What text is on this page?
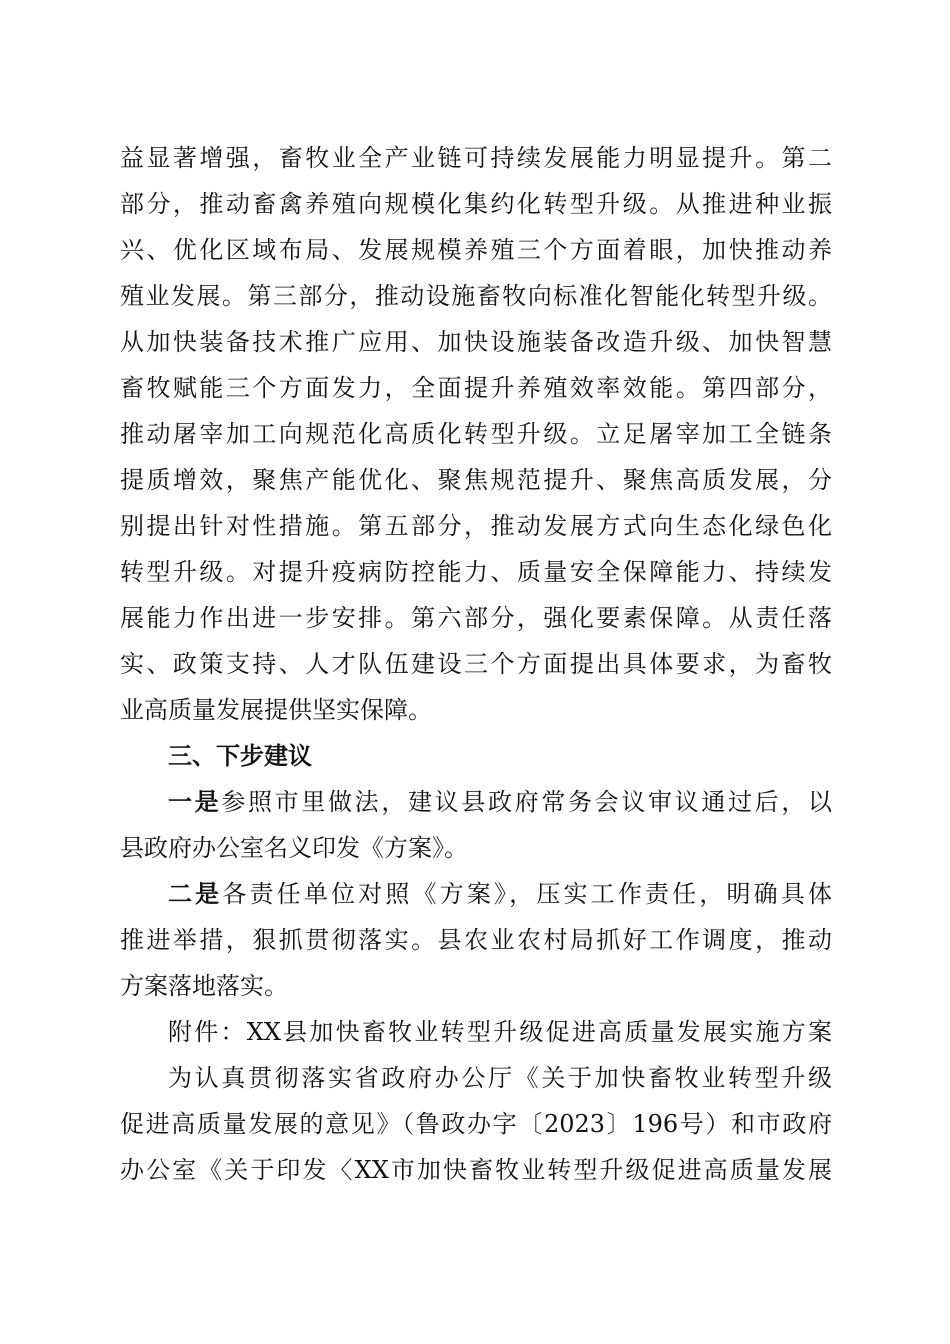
益显著增强，畜牧业全产业链可持续发展能力明显提升。第二
部分，推动畜禽养殖向规模化集约化转型升级。从推进种业振
兴、优化区域布局、发展规模养殖三个方面着眼，加快推动养
殖业发展。第三部分，推动设施畜牧向标准化智能化转型升级。
从加快装备技术推广应用、加快设施装备改造升级、加快智慧
畜牧赋能三个方面发力，全面提升养殖效率效能。第四部分，
推动屠宰加工向规范化高质化转型升级。立足屠宰加工全链条
提质增效，聚焦产能优化、聚焦规范提升、聚焦高质发展，分
别提出针对性措施。第五部分，推动发展方式向生态化绿色化
转型升级。对提升疫病防控能力、质量安全保障能力、持续发
展能力作出进一步安排。第六部分，强化要素保障。从责任落
实、政策支持、人才队伍建设三个方面提出具体要求，为畜牧
业高质量发展提供坚实保障。
三、下步建议
一是参照市里做法，建议县政府常务会议审议通过后，以
县政府办公室名义印发《方案》。
二是各责任单位对照《方案》，压实工作责任，明确具体
推进举措，狠抓贯彻落实。县农业农村局抓好工作调度，推动
方案落地落实。
附件：XX县加快畜牧业转型升级促进高质量发展实施方案
为认真贯彻落实省政府办公厅《关于加快畜牧业转型升级
促进高质量发展的意见》（鲁政办字〔2023〕196号）和市政府
办公室《关于印发〈XX市加快畜牧业转型升级促进高质量发展
